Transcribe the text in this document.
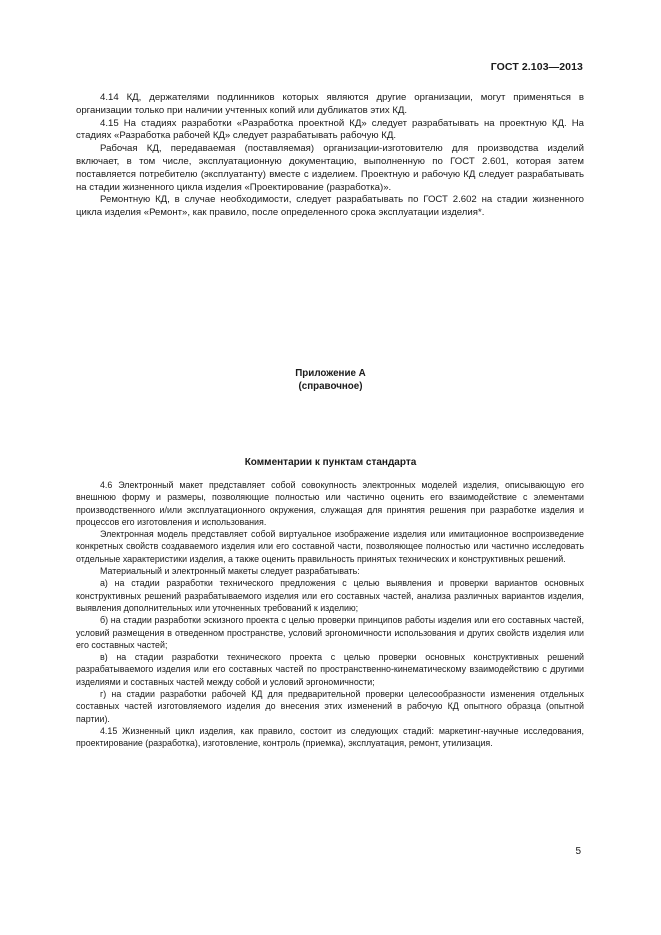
ГОСТ 2.103—2013

4.14 КД, держателями подлинников которых являются другие организации, могут применяться в организации только при наличии учтенных копий или дубликатов этих КД.

4.15 На стадиях разработки «Разработка проектной КД» следует разрабатывать на проектную КД. На стадиях «Разработка рабочей КД» следует разрабатывать рабочую КД.

Рабочая КД, передаваемая (поставляемая) организации-изготовителю для производства изделий включает, в том числе, эксплуатационную документацию, выполненную по ГОСТ 2.601, которая затем поставляется потребителю (эксплуатанту) вместе с изделием. Проектную и рабочую КД следует разрабатывать на стадии жизненного цикла изделия «Проектирование (разработка)».

Ремонтную КД, в случае необходимости, следует разрабатывать по ГОСТ 2.602 на стадии жизненного цикла изделия «Ремонт», как правило, после определенного срока эксплуатации изделия*.

Приложение А
(справочное)
Комментарии к пунктам стандарта

4.6 Электронный макет представляет собой совокупность электронных моделей изделия, описывающую его внешнюю форму и размеры, позволяющие полностью или частично оценить его взаимодействие с элементами производственного и/или эксплуатационного окружения, служащая для принятия решения при разработке изделия и процессов его изготовления и использования.

Электронная модель представляет собой виртуальное изображение изделия или имитационное воспроизведение конкретных свойств создаваемого изделия или его составной части, позволяющее полностью или частично исследовать отдельные характеристики изделия, а также оценить правильность принятых технических и конструктивных решений.

Материальный и электронный макеты следует разрабатывать:

а) на стадии разработки технического предложения с целью выявления и проверки вариантов основных конструктивных решений разрабатываемого изделия или его составных частей, анализа различных вариантов изделия, выявления дополнительных или уточненных требований к изделию;

б) на стадии разработки эскизного проекта с целью проверки принципов работы изделия или его составных частей, условий размещения в отведенном пространстве, условий эргономичности использования и других свойств изделия или его составных частей;

в) на стадии разработки технического проекта с целью проверки основных конструктивных решений разрабатываемого изделия или его составных частей по пространственно-кинематическому взаимодействию с другими изделиями и составных частей между собой и условий эргономичности;

г) на стадии разработки рабочей КД для предварительной проверки целесообразности изменения отдельных составных частей изготовляемого изделия до внесения этих изменений в рабочую КД опытного образца (опытной партии).

4.15 Жизненный цикл изделия, как правило, состоит из следующих стадий: маркетинг-научные исследования, проектирование (разработка), изготовление, контроль (приемка), эксплуатация, ремонт, утилизация.

5
